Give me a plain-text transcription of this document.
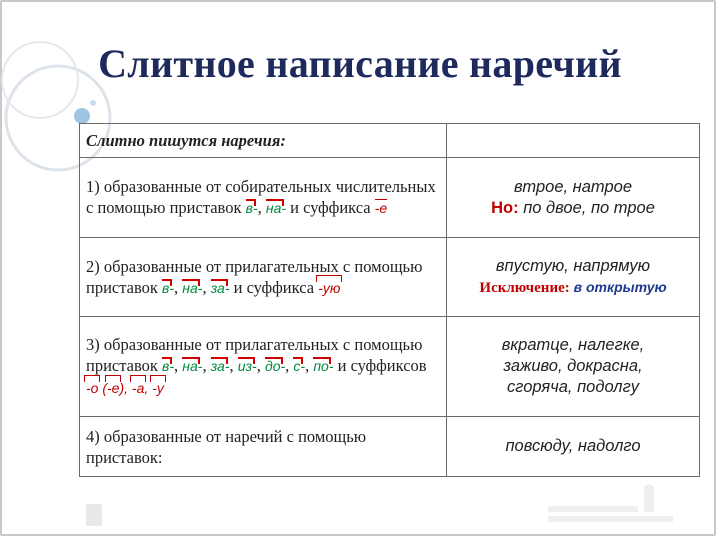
Слитное написание наречий
Слитно пишутся наречия:	
1) образованные от собирательных числительных с помощью приставок в-, на- и суффикса -е	втрое, натрое
Но: по двое, по трое

2) образованные от прилагательных с помощью приставок в-, на-, за- и суффикса -ую	впустую, напрямую
Исключение: в открытую

3) образованные от прилагательных с помощью приставок в-, на-, за-, из-, до-, с-, по- и суффиксов -о (-е), -а, -у	вкратце, налегке,
заживо, докрасна,
сгоряча, подолгу

4) образованные от наречий с помощью приставок:	повсюду, надолго
